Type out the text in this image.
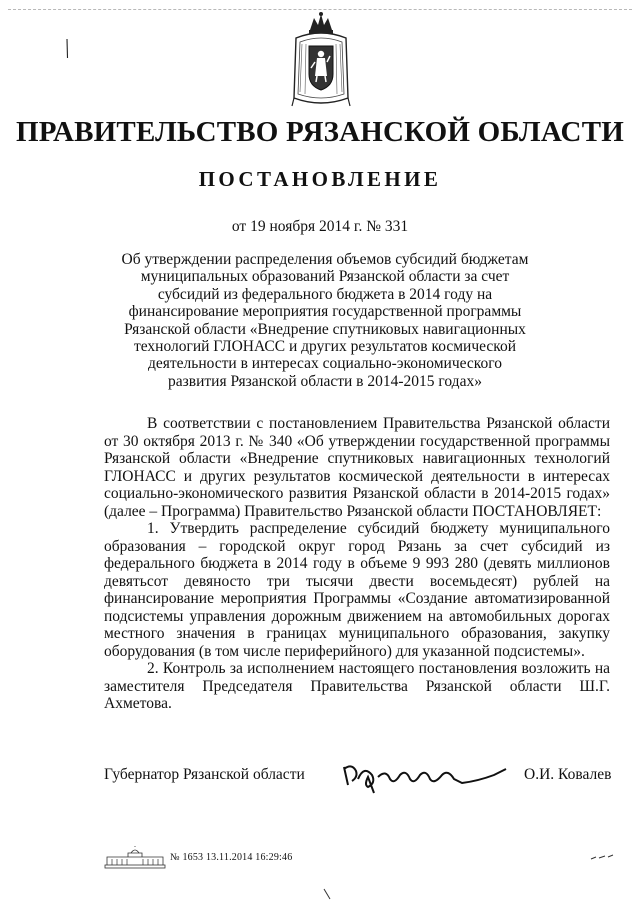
ПРАВИТЕЛЬСТВО РЯЗАНСКОЙ ОБЛАСТИ
ПОСТАНОВЛЕНИЕ
от 19 ноября 2014 г. № 331
Об утверждении распределения объемов субсидий бюджетам муниципальных образований Рязанской области за счет субсидий из федерального бюджета в 2014 году на финансирование мероприятия государственной программы Рязанской области «Внедрение спутниковых навигационных технологий ГЛОНАСС и других результатов космической деятельности в интересах социально-экономического развития Рязанской области в 2014-2015 годах»

В соответствии с постановлением Правительства Рязанской области от 30 октября 2013 г. № 340 «Об утверждении государственной программы Рязанской области «Внедрение спутниковых навигационных технологий ГЛОНАСС и других результатов космической деятельности в интересах социально-экономического развития Рязанской области в 2014-2015 годах» (далее – Программа) Правительство Рязанской области ПОСТАНОВЛЯЕТ:

1. Утвердить распределение субсидий бюджету муниципального образования – городской округ город Рязань за счет субсидий из федерального бюджета в 2014 году в объеме 9 993 280 (девять миллионов девятьсот девяносто три тысячи двести восемьдесят) рублей на финансирование мероприятия Программы «Создание автоматизированной подсистемы управления дорожным движением на автомобильных дорогах местного значения в границах муниципального образования, закупку оборудования (в том числе периферийного) для указанной подсистемы».

2. Контроль за исполнением настоящего постановления возложить на заместителя Председателя Правительства Рязанской области Ш.Г. Ахметова.

Губернатор Рязанской области	О.И. Ковалев
№ 1653 13.11.2014 16:29:46
